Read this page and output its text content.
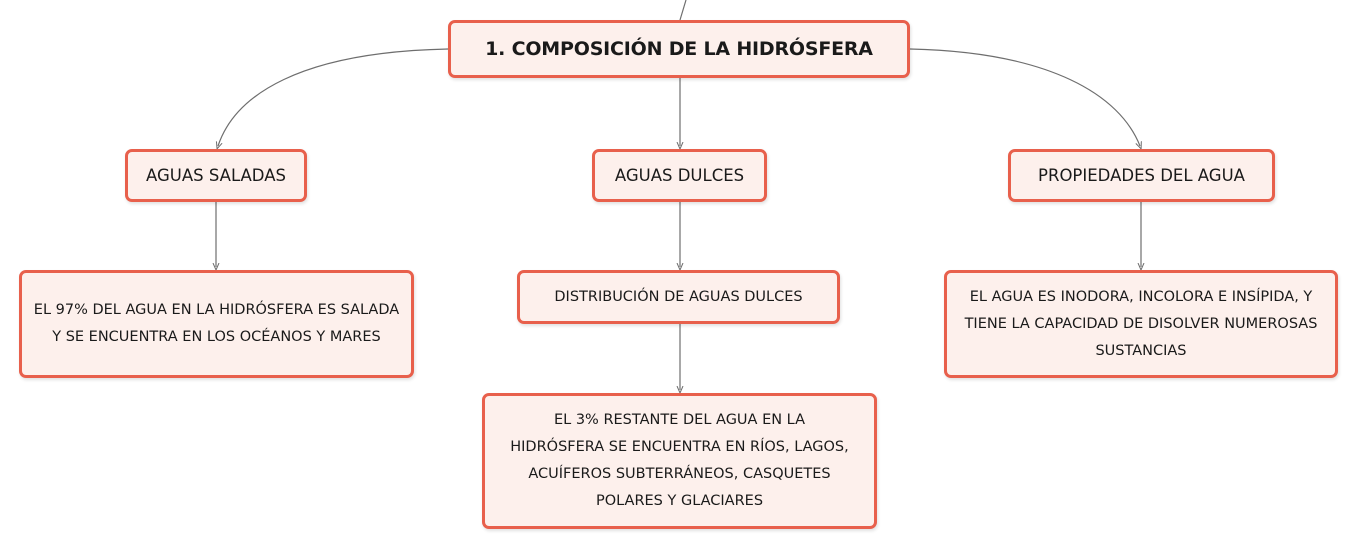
1. COMPOSICIÓN DE LA HIDRÓSFERA
AGUAS SALADAS	AGUAS DULCES	PROPIEDADES DEL AGUA
EL 97% DEL AGUA EN LA HIDRÓSFERA ES SALADA Y SE ENCUENTRA EN LOS OCÉANOS Y MARES
DISTRIBUCIÓN DE AGUAS DULCES	EL AGUA ES INODORA, INCOLORA E INSÍPIDA, Y TIENE LA CAPACIDAD DE DISOLVER NUMEROSAS SUSTANCIAS
EL 3% RESTANTE DEL AGUA EN LA HIDRÓSFERA SE ENCUENTRA EN RÍOS, LAGOS, ACUÍFEROS SUBTERRÁNEOS, CASQUETES POLARES Y GLACIARES
